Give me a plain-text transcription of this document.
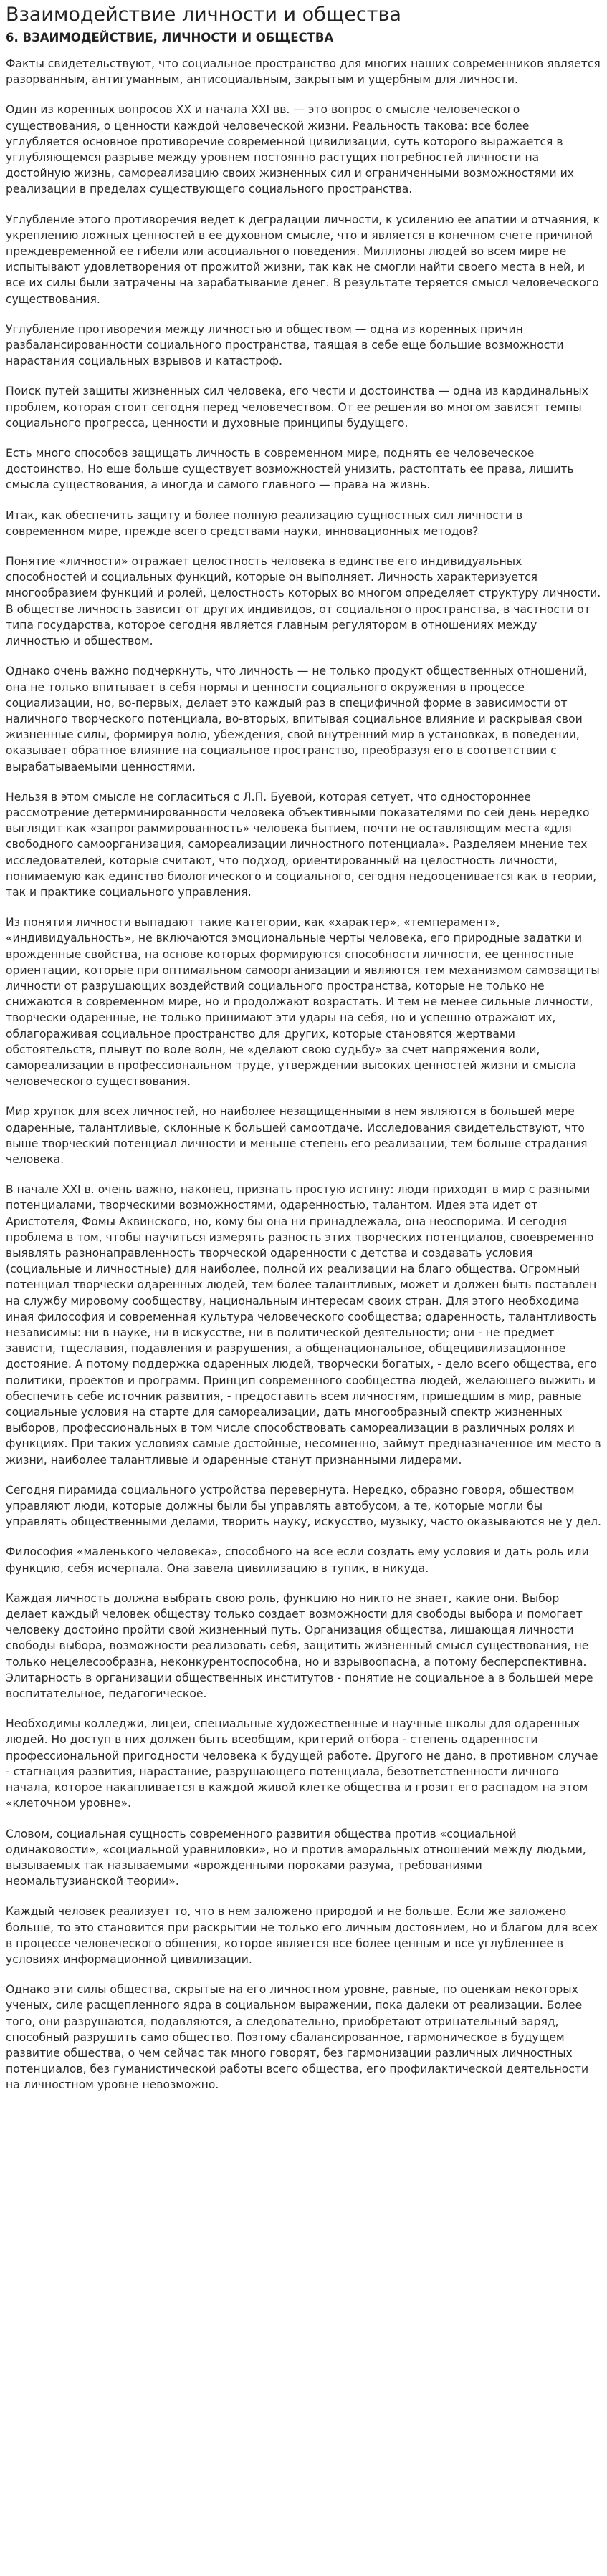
Взаимодействие личности и общества
6. ВЗАИМОДЕЙСТВИЕ, ЛИЧНОСТИ И ОБЩЕСТВА

Факты свидетельствуют, что социальное пространство для многих наших современников является разорванным, антигуманным, антисоциальным, закрытым и ущербным для личности.

Один из коренных вопросов XX и начала XXI вв. — это вопрос о смысле человеческого существования, о ценности каждой человеческой жизни. Реальность такова: все более углубляется основное противоречие современной цивилизации, суть которого выражается в углубляющемся разрыве между уровнем постоянно растущих потребностей личности на достойную жизнь, самореализацию своих жизненных сил и ограниченными возможностями их реализации в пределах существующего социального пространства.

Углубление этого противоречия ведет к деградации личности, к усилению ее апатии и отчаяния, к укреплению ложных ценностей в ее духовном смысле, что и является в конечном счете причиной преждевременной ее гибели или асоциального поведения. Миллионы людей во всем мире не испытывают удовлетворения от прожитой жизни, так как не смогли найти своего места в ней, и все их силы были затрачены на зарабатывание денег. В результате теряется смысл человеческого существования.

Углубление противоречия между личностью и обществом — одна из коренных причин разбалансированности социального пространства, таящая в себе еще большие возможности нарастания социальных взрывов и катастроф.

Поиск путей защиты жизненных сил человека, его чести и достоинства — одна из кардинальных проблем, которая стоит сегодня перед человечеством. От ее решения во многом зависят темпы социального прогресса, ценности и духовные принципы будущего.

Есть много способов защищать личность в современном мире, поднять ее человеческое достоинство. Но еще больше существует возможностей унизить, растоптать ее права, лишить смысла существования, а иногда и самого главного — права на жизнь.

Итак, как обеспечить защиту и более полную реализацию сущностных сил личности в современном мире, прежде всего средствами науки, инновационных методов?

Понятие «личности» отражает целостность человека в единстве его индивидуальных способностей и социальных функций, которые он выполняет. Личность характеризуется многообразием функций и ролей, целостность которых во многом определяет структуру личности. В обществе личность зависит от других индивидов, от социального пространства, в частности от типа государства, которое сегодня является главным регулятором в отношениях между личностью и обществом.

Однако очень важно подчеркнуть, что личность — не только продукт общественных отношений, она не только впитывает в себя нормы и ценности социального окружения в процессе социализации, но, во-первых, делает это каждый раз в специфичной форме в зависимости от наличного творческого потенциала, во-вторых, впитывая социальное влияние и раскрывая свои жизненные силы, формируя волю, убеждения, свой внутренний мир в установках, в поведении, оказывает обратное влияние на социальное пространство, преобразуя его в соответствии с вырабатываемыми ценностями.

Нельзя в этом смысле не согласиться с Л.П. Буевой, которая сетует, что одностороннее рассмотрение детерминированности человека объективными показателями по сей день нередко выглядит как «запрограммированность» человека бытием, почти не оставляющим места «для свободного самоорганизация, самореализации личностного потенциала». Разделяем мнение тех исследователей, которые считают, что подход, ориентированный на целостность личности, понимаемую как единство биологического и социального, сегодня недооценивается как в теории, так и практике социального управления.

Из понятия личности выпадают такие категории, как «характер», «темперамент», «индивидуальность», не включаются эмоциональные черты человека, его природные задатки и врожденные свойства, на основе которых формируются способности личности, ее ценностные ориентации, которые при оптимальном самоорганизации и являются тем механизмом самозащиты личности от разрушающих воздействий социального пространства, которые не только не снижаются в современном мире, но и продолжают возрастать. И тем не менее сильные личности, творчески одаренные, не только принимают эти удары на себя, но и успешно отражают их, облагораживая социальное пространство для других, которые становятся жертвами обстоятельств, плывут по воле волн, не «делают свою судьбу» за счет напряжения воли, самореализации в профессиональном труде, утверждении высоких ценностей жизни и смысла человеческого существования.

Мир хрупок для всех личностей, но наиболее незащищенными в нем являются в большей мере одаренные, талантливые, склонные к большей самоотдаче. Исследования свидетельствуют, что выше творческий потенциал личности и меньше степень его реализации, тем больше страдания человека.

В начале XXI в. очень важно, наконец, признать простую истину: люди приходят в мир с разными потенциалами, творческими возможностями, одаренностью, талантом. Идея эта идет от Аристотеля, Фомы Аквинского, но, кому бы она ни принадлежала, она неоспорима. И сегодня проблема в том, чтобы научиться измерять разность этих творческих потенциалов, своевременно выявлять разнонаправленность творческой одаренности с детства и создавать условия (социальные и личностные) для наиболее, полной их реализации на благо общества. Огромный потенциал творчески одаренных людей, тем более талантливых, может и должен быть поставлен на службу мировому сообществу, национальным интересам своих стран. Для этого необходима иная философия и современная культура человеческого сообщества; одаренность, талантливость независимы: ни в науке, ни в искусстве, ни в политической деятельности; они - не предмет зависти, тщеславия, подавления и разрушения, а общенациональное, общецивилизационное достояние. А потому поддержка одаренных людей, творчески богатых, - дело всего общества, его политики, проектов и программ. Принцип современного сообщества людей, желающего выжить и обеспечить себе источник развития, - предоставить всем личностям, пришедшим в мир, равные социальные условия на старте для самореализации, дать многообразный спектр жизненных выборов, профессиональных в том числе способствовать самореализации в различных ролях и функциях. При таких условиях самые достойные, несомненно, займут предназначенное им место в жизни, наиболее талантливые и одаренные станут признанными лидерами.

Сегодня пирамида социального устройства перевернута. Нередко, образно говоря, обществом управляют люди, которые должны были бы управлять автобусом, а те, которые могли бы управлять общественными делами, творить науку, искусство, музыку, часто оказываются не у дел.

Философия «маленького человека», способного на все если создать ему условия и дать роль или функцию, себя исчерпала. Она завела цивилизацию в тупик, в никуда.

Каждая личность должна выбрать свою роль, функцию но никто не знает, какие они. Выбор делает каждый человек обществу только создает возможности для свободы выбора и помогает человеку достойно пройти свой жизненный путь. Организация общества, лишающая личности свободы выбора, возможности реализовать себя, защитить жизненный смысл существования, не только нецелесообразна, неконкурентоспособна, но и взрывоопасна, а потому бесперспективна. Элитарность в организации общественных институтов - понятие не социальное а в большей мере воспитательное, педагогическое.

Необходимы колледжи, лицеи, специальные художественные и научные школы для одаренных людей. Но доступ в них должен быть всеобщим, критерий отбора - степень одаренности профессиональной пригодности человека к будущей работе. Другого не дано, в противном случае - стагнация развития, нарастание, разрушающего потенциала, безответственности личного начала, которое накапливается в каждой живой клетке общества и грозит его распадом на этом «клеточном уровне».

Словом, социальная сущность современного развития общества против «социальной одинаковости», «социальной уравниловки», но и против аморальных отношений между людьми, вызываемых так называемыми «врожденными пороками разума, требованиями неомальтузианской теории».

Каждый человек реализует то, что в нем заложено природой и не больше. Если же заложено больше, то это становится при раскрытии не только его личным достоянием, но и благом для всех в процессе человеческого общения, которое является все более ценным и все углубленнее в условиях информационной цивилизации.

Однако эти силы общества, скрытые на его личностном уровне, равные, по оценкам некоторых ученых, силе расщепленного ядра в социальном выражении, пока далеки от реализации. Более того, они разрушаются, подавляются, а следовательно, приобретают отрицательный заряд, способный разрушить само общество. Поэтому сбалансированное, гармоническое в будущем развитие общества, о чем сейчас так много говорят, без гармонизации различных личностных потенциалов, без гуманистической работы всего общества, его профилактической деятельности на личностном уровне невозможно.
